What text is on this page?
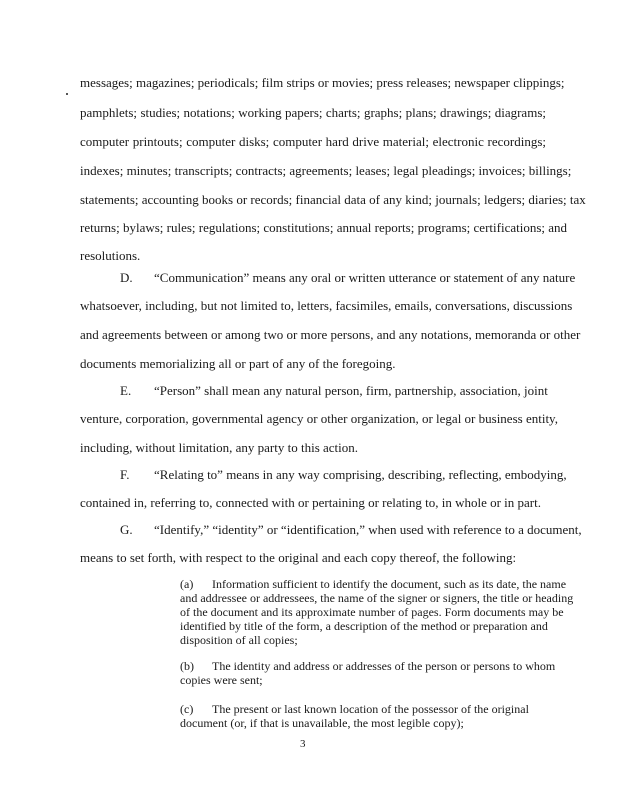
messages; magazines; periodicals; film strips or movies; press releases; newspaper clippings;
pamphlets; studies; notations; working papers; charts; graphs; plans; drawings; diagrams;
computer printouts; computer disks; computer hard drive material; electronic recordings;
indexes; minutes; transcripts; contracts; agreements; leases; legal pleadings; invoices; billings;
statements; accounting books or records; financial data of any kind; journals; ledgers; diaries; tax
returns; bylaws; rules; regulations; constitutions; annual reports; programs; certifications; and
resolutions.
D. “Communication” means any oral or written utterance or statement of any nature
whatsoever, including, but not limited to, letters, facsimiles, emails, conversations, discussions
and agreements between or among two or more persons, and any notations, memoranda or other
documents memorializing all or part of any of the foregoing.
E. “Person” shall mean any natural person, firm, partnership, association, joint
venture, corporation, governmental agency or other organization, or legal or business entity,
including, without limitation, any party to this action.
F. “Relating to” means in any way comprising, describing, reflecting, embodying,
contained in, referring to, connected with or pertaining or relating to, in whole or in part.
G. “Identify,” “identity” or “identification,” when used with reference to a document,
means to set forth, with respect to the original and each copy thereof, the following:
(a) Information sufficient to identify the document, such as its date, the name
and addressee or addressees, the name of the signer or signers, the title or heading
of the document and its approximate number of pages. Form documents may be
identified by title of the form, a description of the method or preparation and
disposition of all copies;
(b) The identity and address or addresses of the person or persons to whom
copies were sent;
(c) The present or last known location of the possessor of the original
document (or, if that is unavailable, the most legible copy);
3
